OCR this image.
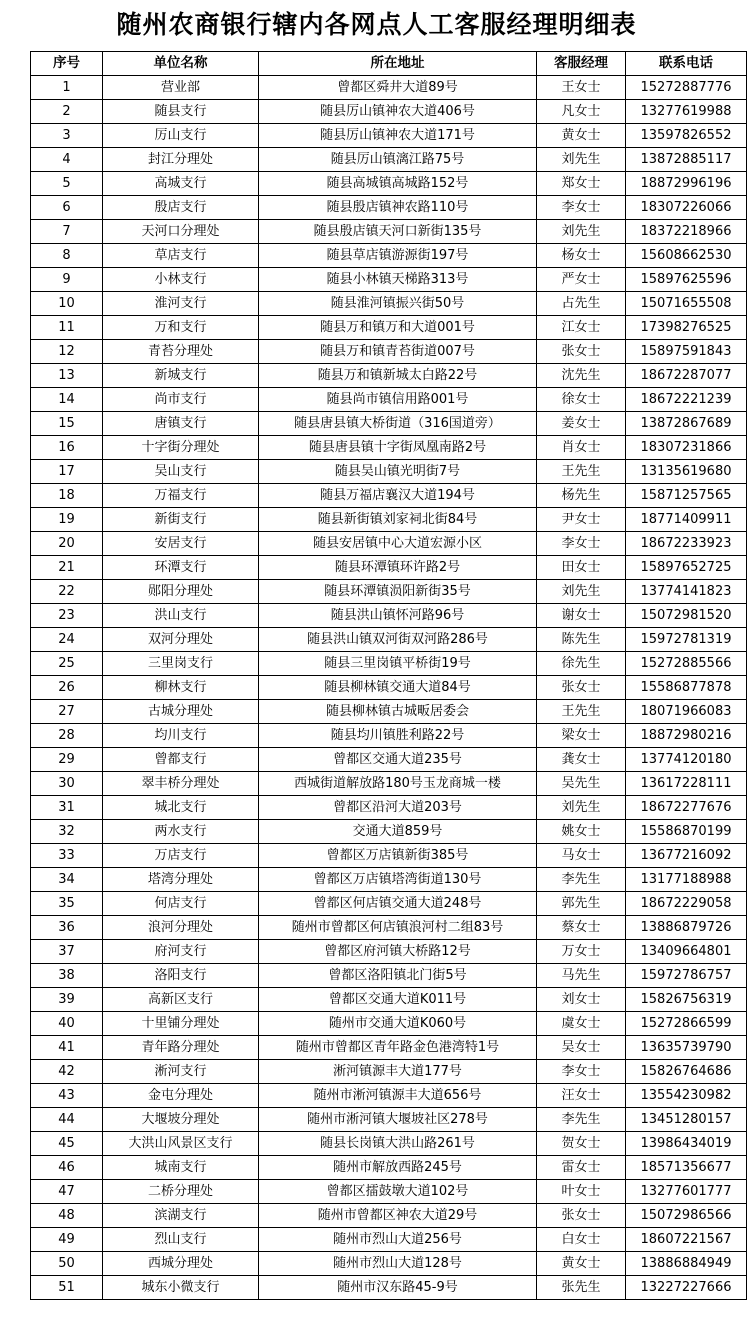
随州农商银行辖内各网点人工客服经理明细表
序号	单位名称	所在地址	客服经理	联系电话
1	营业部	曾都区舜井大道89号	王女士	15272887776
2	随县支行	随县厉山镇神农大道406号	凡女士	13277619988
3	厉山支行	随县厉山镇神农大道171号	黄女士	13597826552
4	封江分理处	随县厉山镇漓江路75号	刘先生	13872885117
5	高城支行	随县高城镇高城路152号	郑女士	18872996196
6	殷店支行	随县殷店镇神农路110号	李女士	18307226066
7	天河口分理处	随县殷店镇天河口新街135号	刘先生	18372218966
8	草店支行	随县草店镇游源街197号	杨女士	15608662530
9	小林支行	随县小林镇天梯路313号	严女士	15897625596
10	淮河支行	随县淮河镇振兴街50号	占先生	15071655508
11	万和支行	随县万和镇万和大道001号	江女士	17398276525
12	青苔分理处	随县万和镇青苔街道007号	张女士	15897591843
13	新城支行	随县万和镇新城太白路22号	沈先生	18672287077
14	尚市支行	随县尚市镇信用路001号	徐女士	18672221239
15	唐镇支行	随县唐县镇大桥街道（316国道旁）	姜女士	13872867689
16	十字街分理处	随县唐县镇十字街凤凰南路2号	肖女士	18307231866
17	吴山支行	随县吴山镇光明街7号	王先生	13135619680
18	万福支行	随县万福店襄汉大道194号	杨先生	15871257565
19	新街支行	随县新街镇刘家祠北街84号	尹女士	18771409911
20	安居支行	随县安居镇中心大道宏源小区	李女士	18672233923
21	环潭支行	随县环潭镇环许路2号	田女士	15897652725
22	郧阳分理处	随县环潭镇涢阳新街35号	刘先生	13774141823
23	洪山支行	随县洪山镇怀河路96号	谢女士	15072981520
24	双河分理处	随县洪山镇双河街双河路286号	陈先生	15972781319
25	三里岗支行	随县三里岗镇平桥街19号	徐先生	15272885566
26	柳林支行	随县柳林镇交通大道84号	张女士	15586877878
27	古城分理处	随县柳林镇古城畈居委会	王先生	18071966083
28	均川支行	随县均川镇胜利路22号	梁女士	18872980216
29	曾都支行	曾都区交通大道235号	龚女士	13774120180
30	翠丰桥分理处	西城街道解放路180号玉龙商城一楼	吴先生	13617228111
31	城北支行	曾都区沿河大道203号	刘先生	18672277676
32	两水支行	交通大道859号	姚女士	15586870199
33	万店支行	曾都区万店镇新街385号	马女士	13677216092
34	塔湾分理处	曾都区万店镇塔湾街道130号	李先生	13177188988
35	何店支行	曾都区何店镇交通大道248号	郭先生	18672229058
36	浪河分理处	随州市曾都区何店镇浪河村二组83号	蔡女士	13886879726
37	府河支行	曾都区府河镇大桥路12号	万女士	13409664801
38	洛阳支行	曾都区洛阳镇北门街5号	马先生	15972786757
39	高新区支行	曾都区交通大道K011号	刘女士	15826756319
40	十里铺分理处	随州市交通大道K060号	虞女士	15272866599
41	青年路分理处	随州市曾都区青年路金色港湾特1号	吴女士	13635739790
42	淅河支行	淅河镇源丰大道177号	李女士	15826764686
43	金屯分理处	随州市淅河镇源丰大道656号	汪女士	13554230982
44	大堰坡分理处	随州市淅河镇大堰坡社区278号	李先生	13451280157
45	大洪山风景区支行	随县长岗镇大洪山路261号	贺女士	13986434019
46	城南支行	随州市解放西路245号	雷女士	18571356677
47	二桥分理处	曾都区擂鼓墩大道102号	叶女士	13277601777
48	滨湖支行	随州市曾都区神农大道29号	张女士	15072986566
49	烈山支行	随州市烈山大道256号	白女士	18607221567
50	西城分理处	随州市烈山大道128号	黄女士	13886884949
51	城东小微支行	随州市汉东路45-9号	张先生	13227227666
